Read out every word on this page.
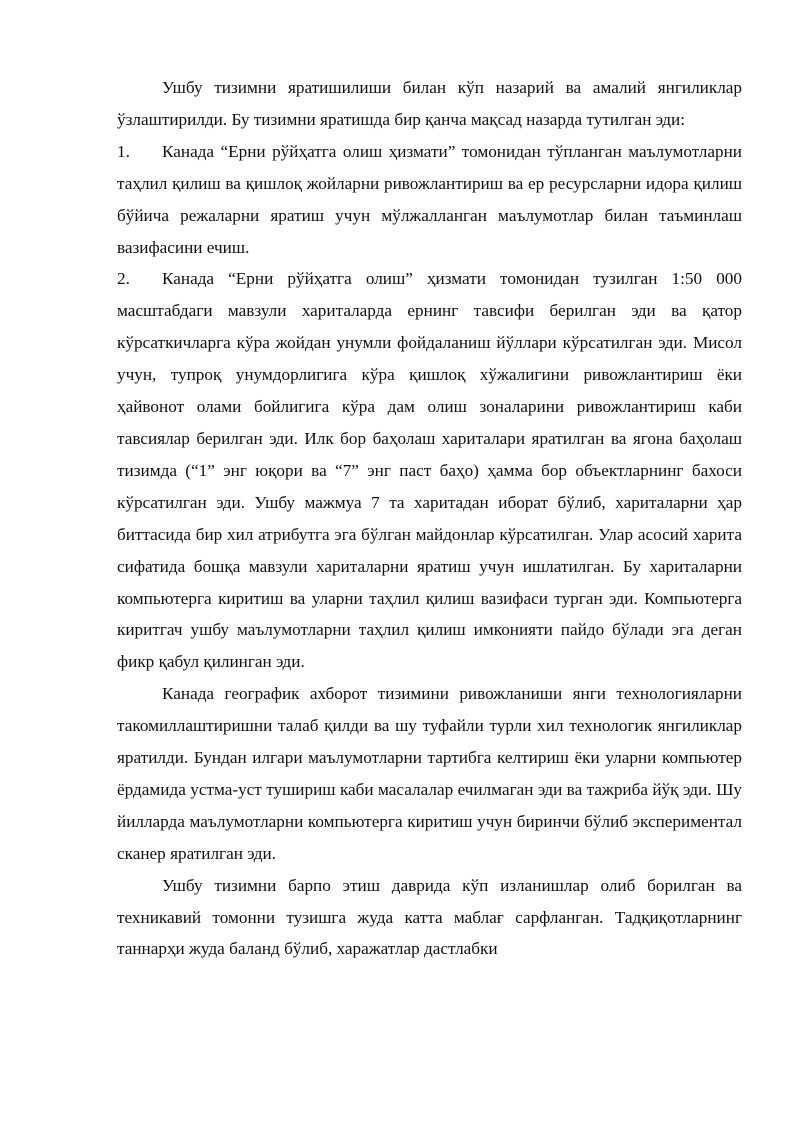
Ушбу тизимни яратишилиши билан кўп назарий ва амалий янгиликлар ўзлаштирилди. Бу тизимни яратишда бир қанча мақсад назарда тутилган эди:

1. Канада “Ерни рўйҳатга олиш ҳизмати” томонидан тўпланган маълумотларни таҳлил қилиш ва қишлоқ жойларни ривожлантириш ва ер ресурсларни идора қилиш бўйича режаларни яратиш учун мўлжалланган маълумотлар билан таъминлаш вазифасини ечиш.

2. Канада “Ерни рўйҳатга олиш” ҳизмати томонидан тузилган 1:50 000 масштабдаги мавзули хариталарда ернинг тавсифи берилган эди ва қатор кўрсаткичларга кўра жойдан унумли фойдаланиш йўллари кўрсатилган эди. Мисол учун, тупроқ унумдорлигига кўра қишлоқ хўжалигини ривожлантириш ёки ҳайвонот олами бойлигига кўра дам олиш зоналарини ривожлантириш каби тавсиялар берилган эди. Илк бор баҳолаш хариталари яратилган ва ягона баҳолаш тизимда (“1” энг юқори ва “7” энг паст баҳо) ҳамма бор объектларнинг бахоси кўрсатилган эди. Ушбу мажмуа 7 та харитадан иборат бўлиб, хариталарни ҳар биттасида бир хил атрибутга эга бўлган майдонлар кўрсатилган. Улар асосий харита сифатида бошқа мавзули хариталарни яратиш учун ишлатилган. Бу хариталарни компьютерга киритиш ва уларни таҳлил қилиш вазифаси турган эди. Компьютерга киритгач ушбу маълумотларни таҳлил қилиш имконияти пайдо бўлади эга деган фикр қабул қилинган эди.

Канада географик ахборот тизимини ривожланиши янги технологияларни такомиллаштиришни талаб қилди ва шу туфайли турли хил технологик янгиликлар яратилди. Бундан илгари маълумотларни тартибга келтириш ёки уларни компьютер ёрдамида устма-уст тушириш каби масалалар ечилмаган эди ва тажриба йўқ эди. Шу йилларда маълумотларни компьютерга киритиш учун биринчи бўлиб экспериментал сканер яратилган эди.

Ушбу тизимни барпо этиш даврида кўп изланишлар олиб борилган ва техникавий томонни тузишга жуда катта маблағ сарфланган. Тадқиқотларнинг таннарҳи жуда баланд бўлиб, харажатлар дастлабки
